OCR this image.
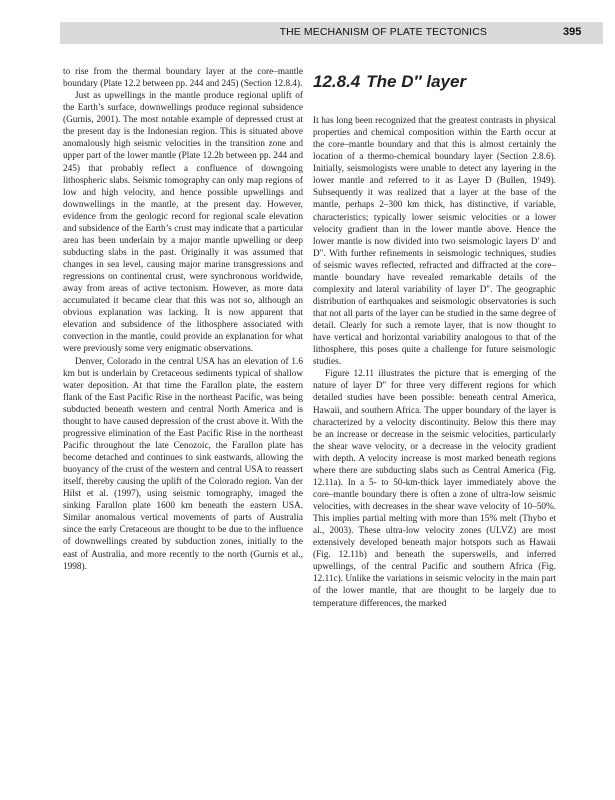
THE MECHANISM OF PLATE TECTONICS	395

to rise from the thermal boundary layer at the core–mantle boundary (Plate 12.2 between pp. 244 and 245) (Section 12.8.4).

Just as upwellings in the mantle produce regional uplift of the Earth’s surface, downwellings produce regional subsidence (Gurnis, 2001). The most notable example of depressed crust at the present day is the Indonesian region. This is situated above anomalously high seismic velocities in the transition zone and upper part of the lower mantle (Plate 12.2b between pp. 244 and 245) that probably reflect a confluence of downgoing lithospheric slabs. Seismic tomography can only map regions of low and high velocity, and hence possible upwellings and downwellings in the mantle, at the present day. However, evidence from the geologic record for regional scale elevation and subsidence of the Earth’s crust may indicate that a particular area has been underlain by a major mantle upwelling or deep subducting slabs in the past. Originally it was assumed that changes in sea level, causing major marine transgressions and regressions on continental crust, were synchronous worldwide, away from areas of active tectonism. However, as more data accumulated it became clear that this was not so, although an obvious explanation was lacking. It is now apparent that elevation and subsidence of the lithosphere associated with convection in the mantle, could provide an explanation for what were previously some very enigmatic observations.

Denver, Colorado in the central USA has an elevation of 1.6 km but is underlain by Cretaceous sediments typical of shallow water deposition. At that time the Farallon plate, the eastern flank of the East Pacific Rise in the northeast Pacific, was being subducted beneath western and central North America and is thought to have caused depression of the crust above it. With the progressive elimination of the East Pacific Rise in the northeast Pacific throughout the late Cenozoic, the Farallon plate has become detached and continues to sink eastwards, allowing the buoyancy of the crust of the western and central USA to reassert itself, thereby causing the uplift of the Colorado region. Van der Hilst et al. (1997), using seismic tomography, imaged the sinking Farallon plate 1600 km beneath the eastern USA. Similar anomalous vertical movements of parts of Australia since the early Cretaceous are thought to be due to the influence of downwellings created by subduction zones, initially to the east of Australia, and more recently to the north (Gurnis et al., 1998).

12.8.4 The D″ layer

It has long been recognized that the greatest contrasts in physical properties and chemical composition within the Earth occur at the core–mantle boundary and that this is almost certainly the location of a thermo-chemical boundary layer (Section 2.8.6). Initially, seismologists were unable to detect any layering in the lower mantle and referred to it as Layer D (Bullen, 1949). Subsequently it was realized that a layer at the base of the mantle, perhaps 2–300 km thick, has distinctive, if variable, characteristics; typically lower seismic velocities or a lower velocity gradient than in the lower mantle above. Hence the lower mantle is now divided into two seismologic layers D′ and D″. With further refinements in seismologic techniques, studies of seismic waves reflected, refracted and diffracted at the core–mantle boundary have revealed remarkable details of the complexity and lateral variability of layer D″. The geographic distribution of earthquakes and seismologic observatories is such that not all parts of the layer can be studied in the same degree of detail. Clearly for such a remote layer, that is now thought to have vertical and horizontal variability analogous to that of the lithosphere, this poses quite a challenge for future seismologic studies.

Figure 12.11 illustrates the picture that is emerging of the nature of layer D″ for three very different regions for which detailed studies have been possible: beneath central America, Hawaii, and southern Africa. The upper boundary of the layer is characterized by a velocity discontinuity. Below this there may be an increase or decrease in the seismic velocities, particularly the shear wave velocity, or a decrease in the velocity gradient with depth. A velocity increase is most marked beneath regions where there are subducting slabs such as Central America (Fig. 12.11a). In a 5- to 50-km-thick layer immediately above the core–mantle boundary there is often a zone of ultra-low seismic velocities, with decreases in the shear wave velocity of 10–50%. This implies partial melting with more than 15% melt (Thybo et al., 2003). These ultra-low velocity zones (ULVZ) are most extensively developed beneath major hotspots such as Hawaii (Fig. 12.11b) and beneath the superswells, and inferred upwellings, of the central Pacific and southern Africa (Fig. 12.11c). Unlike the variations in seismic velocity in the main part of the lower mantle, that are thought to be largely due to temperature differences, the marked
